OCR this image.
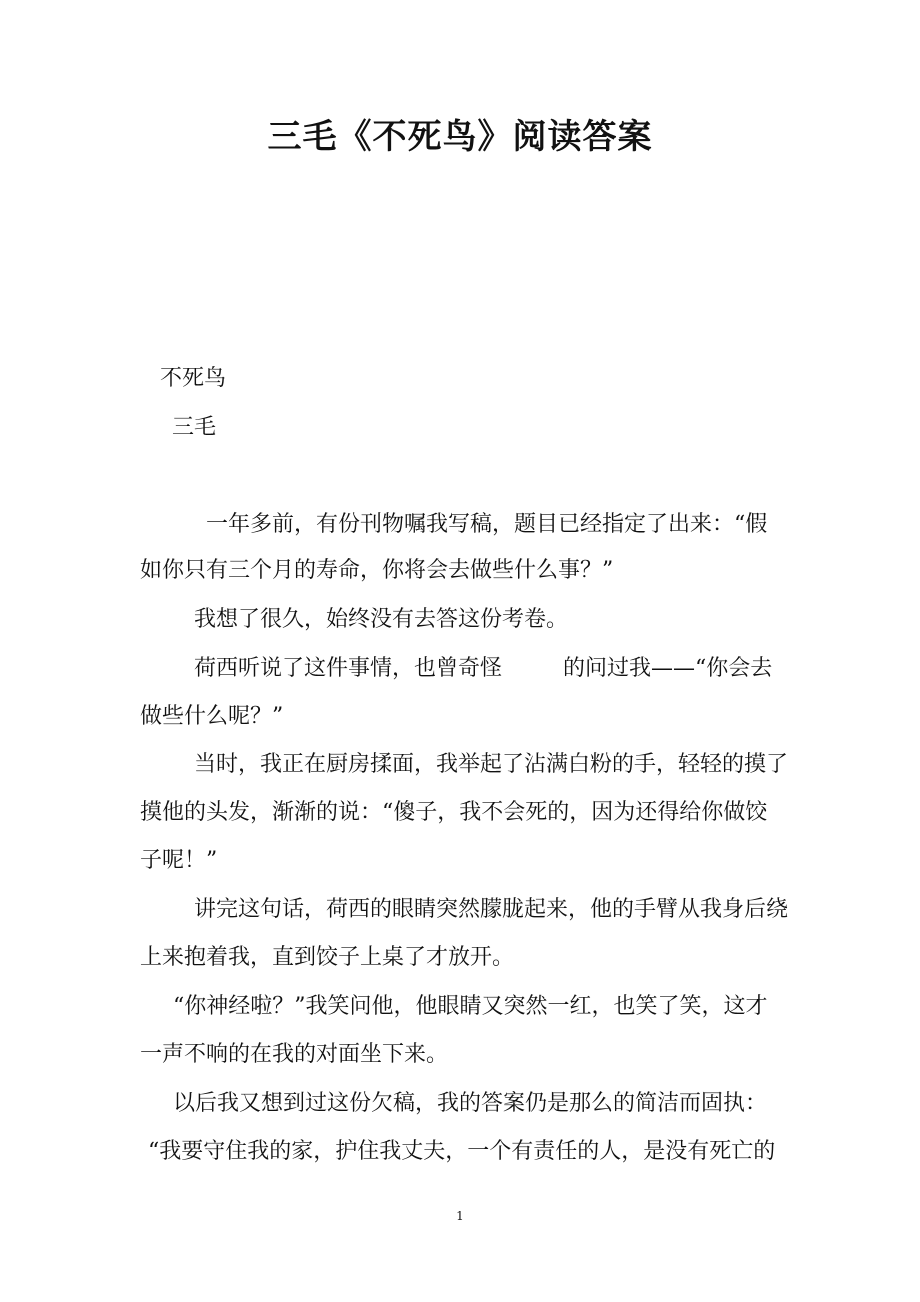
三毛《不死鸟》阅读答案
不死鸟
三毛
一年多前，有份刊物嘱我写稿，题目已经指定了出来：“假
如你只有三个月的寿命，你将会去做些什么事？”
我想了很久，始终没有去答这份考卷。
荷西听说了这件事情，也曾奇怪	的问过我——“你会去
做些什么呢？”
当时，我正在厨房揉面，我举起了沾满白粉的手，轻轻的摸了
摸他的头发，渐渐的说：“傻子，我不会死的，因为还得给你做饺
子呢！”
讲完这句话，荷西的眼睛突然朦胧起来，他的手臂从我身后绕
上来抱着我，直到饺子上桌了才放开。
“你神经啦？”我笑问他，他眼睛又突然一红，也笑了笑，这才
一声不响的在我的对面坐下来。
以后我又想到过这份欠稿，我的答案仍是那么的简洁而固执：
“我要守住我的家，护住我丈夫，一个有责任的人，是没有死亡的
1
